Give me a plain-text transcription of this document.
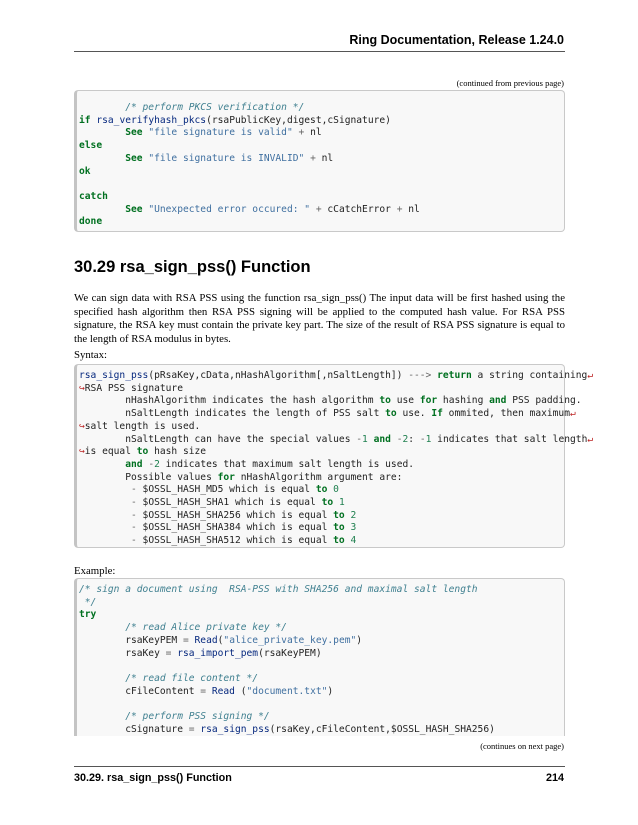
Ring Documentation, Release 1.24.0
(continued from previous page)
/* perform PKCS verification */
if rsa_verifyhash_pkcs(rsaPublicKey,digest,cSignature)
See "file signature is valid" + nl
else
See "file signature is INVALID" + nl
ok

catch
See "Unexpected error occured: " + cCatchError + nl
done
30.29 rsa_sign_pss() Function

We can sign data with RSA PSS using the function rsa_sign_pss() The input data will be first hashed using the specified hash algorithm then RSA PSS signing will be applied to the computed hash value. For RSA PSS signature, the RSA key must contain the private key part. The size of the result of RSA PSS signature is equal to the length of RSA modulus in bytes.

Syntax:

rsa_sign_pss(pRsaKey,cData,nHashAlgorithm[,nSaltLength]) ---> return a string containing↵
↪RSA PSS signature
nHashAlgorithm indicates the hash algorithm to use for hashing and PSS padding.
nSaltLength indicates the length of PSS salt to use. If ommited, then maximum↵
↪salt length is used.
nSaltLength can have the special values -1 and -2: -1 indicates that salt length↵
↪is equal to hash size
and -2 indicates that maximum salt length is used.
Possible values for nHashAlgorithm argument are:
- $OSSL_HASH_MD5 which is equal to 0
- $OSSL_HASH_SHA1 which is equal to 1
- $OSSL_HASH_SHA256 which is equal to 2
- $OSSL_HASH_SHA384 which is equal to 3
- $OSSL_HASH_SHA512 which is equal to 4

Example:

/* sign a document using  RSA-PSS with SHA256 and maximal salt length
*/
try
/* read Alice private key */
rsaKeyPEM = Read("alice_private_key.pem")
rsaKey = rsa_import_pem(rsaKeyPEM)

/* read file content */
cFileContent = Read ("document.txt")

/* perform PSS signing */
cSignature = rsa_sign_pss(rsaKey,cFileContent,$OSSL_HASH_SHA256)
(continues on next page)
30.29. rsa_sign_pss() Function	214
